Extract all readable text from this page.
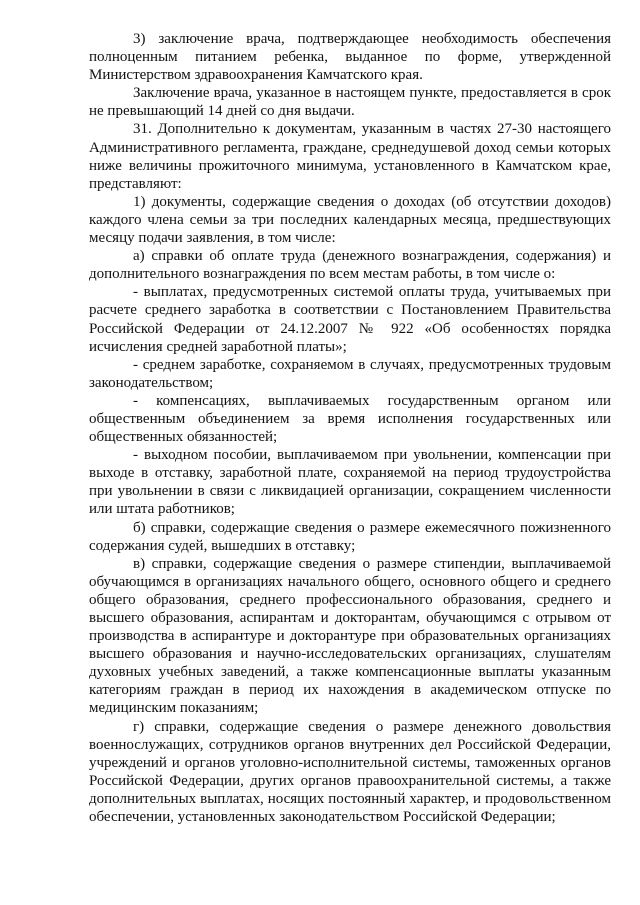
3) заключение врача, подтверждающее необходимость обеспечения полноценным питанием ребенка, выданное по форме, утвержденной Министерством здравоохранения Камчатского края.

Заключение врача, указанное в настоящем пункте, предоставляется в срок не превышающий 14 дней со дня выдачи.

31. Дополнительно к документам, указанным в частях 27-30 настоящего Административного регламента, граждане, среднедушевой доход семьи которых ниже величины прожиточного минимума, установленного в Камчатском крае, представляют:

1) документы, содержащие сведения о доходах (об отсутствии доходов) каждого члена семьи за три последних календарных месяца, предшествующих месяцу подачи заявления, в том числе:

а) справки об оплате труда (денежного вознаграждения, содержания) и дополнительного вознаграждения по всем местам работы, в том числе о:

- выплатах, предусмотренных системой оплаты труда, учитываемых при расчете среднего заработка в соответствии с Постановлением Правительства Российской Федерации от 24.12.2007 № 922 «Об особенностях порядка исчисления средней заработной платы»;

- среднем заработке, сохраняемом в случаях, предусмотренных трудовым законодательством;

- компенсациях, выплачиваемых государственным органом или общественным объединением за время исполнения государственных или общественных обязанностей;

- выходном пособии, выплачиваемом при увольнении, компенсации при выходе в отставку, заработной плате, сохраняемой на период трудоустройства при увольнении в связи с ликвидацией организации, сокращением численности или штата работников;

б) справки, содержащие сведения о размере ежемесячного пожизненного содержания судей, вышедших в отставку;

в) справки, содержащие сведения о размере стипендии, выплачиваемой обучающимся в организациях начального общего, основного общего и среднего общего образования, среднего профессионального образования, среднего и высшего образования, аспирантам и докторантам, обучающимся с отрывом от производства в аспирантуре и докторантуре при образовательных организациях высшего образования и научно-исследовательских организациях, слушателям духовных учебных заведений, а также компенсационные выплаты указанным категориям граждан в период их нахождения в академическом отпуске по медицинским показаниям;

г) справки, содержащие сведения о размере денежного довольствия военнослужащих, сотрудников органов внутренних дел Российской Федерации, учреждений и органов уголовно-исполнительной системы, таможенных органов Российской Федерации, других органов правоохранительной системы, а также дополнительных выплатах, носящих постоянный характер, и продовольственном обеспечении, установленных законодательством Российской Федерации;
